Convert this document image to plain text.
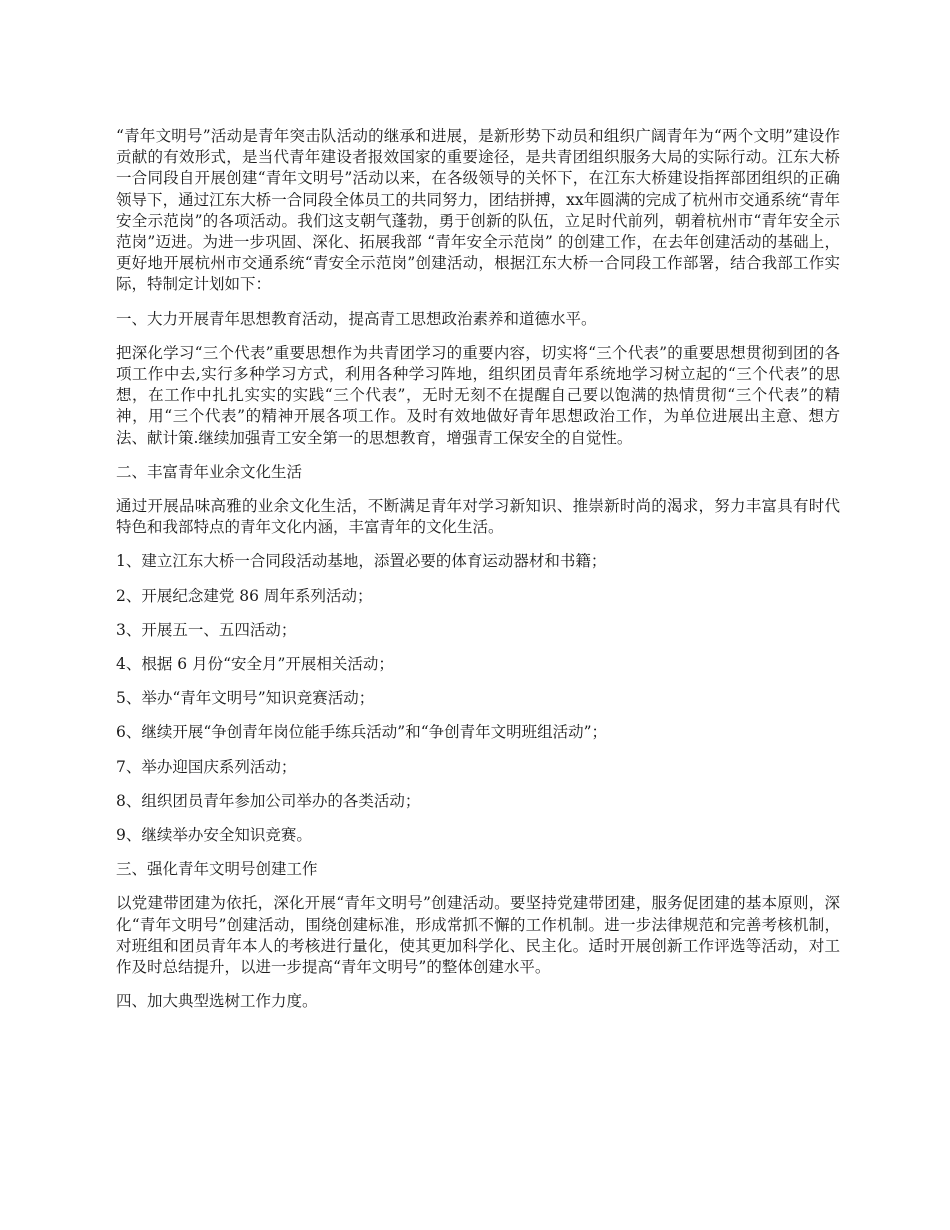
“青年文明号”活动是青年突击队活动的继承和进展，是新形势下动员和组织广阔青年为“两个文明”建设作贡献的有效形式，是当代青年建设者报效国家的重要途径，是共青团组织服务大局的实际行动。江东大桥一合同段自开展创建“青年文明号”活动以来，在各级领导的关怀下，在江东大桥建设指挥部团组织的正确领导下，通过江东大桥一合同段全体员工的共同努力，团结拼搏，xx年圆满的完成了杭州市交通系统“青年安全示范岗”的各项活动。我们这支朝气蓬勃，勇于创新的队伍，立足时代前列，朝着杭州市“青年安全示范岗”迈进。为进一步巩固、深化、拓展我部 “青年安全示范岗” 的创建工作，在去年创建活动的基础上，更好地开展杭州市交通系统“青安全示范岗”创建活动，根据江东大桥一合同段工作部署，结合我部工作实际，特制定计划如下：

一、大力开展青年思想教育活动，提高青工思想政治素养和道德水平。

把深化学习“三个代表”重要思想作为共青团学习的重要内容，切实将“三个代表”的重要思想贯彻到团的各项工作中去,实行多种学习方式，利用各种学习阵地，组织团员青年系统地学习树立起的“三个代表”的思想，在工作中扎扎实实的实践“三个代表”，无时无刻不在提醒自己要以饱满的热情贯彻“三个代表”的精神，用“三个代表”的精神开展各项工作。及时有效地做好青年思想政治工作，为单位进展出主意、想方法、献计策.继续加强青工安全第一的思想教育，增强青工保安全的自觉性。

二、丰富青年业余文化生活

通过开展品味高雅的业余文化生活，不断满足青年对学习新知识、推崇新时尚的渴求，努力丰富具有时代特色和我部特点的青年文化内涵，丰富青年的文化生活。

1、建立江东大桥一合同段活动基地，添置必要的体育运动器材和书籍；

2、开展纪念建党 86 周年系列活动；

3、开展五一、五四活动；

4、根据 6 月份“安全月”开展相关活动；

5、举办“青年文明号”知识竞赛活动；

6、继续开展“争创青年岗位能手练兵活动”和“争创青年文明班组活动”；

7、举办迎国庆系列活动；

8、组织团员青年参加公司举办的各类活动；

9、继续举办安全知识竞赛。

三、强化青年文明号创建工作

以党建带团建为依托，深化开展“青年文明号”创建活动。要坚持党建带团建，服务促团建的基本原则，深化“青年文明号”创建活动，围绕创建标准，形成常抓不懈的工作机制。进一步法律规范和完善考核机制，对班组和团员青年本人的考核进行量化，使其更加科学化、民主化。适时开展创新工作评选等活动，对工作及时总结提升，以进一步提高“青年文明号”的整体创建水平。

四、加大典型选树工作力度。
